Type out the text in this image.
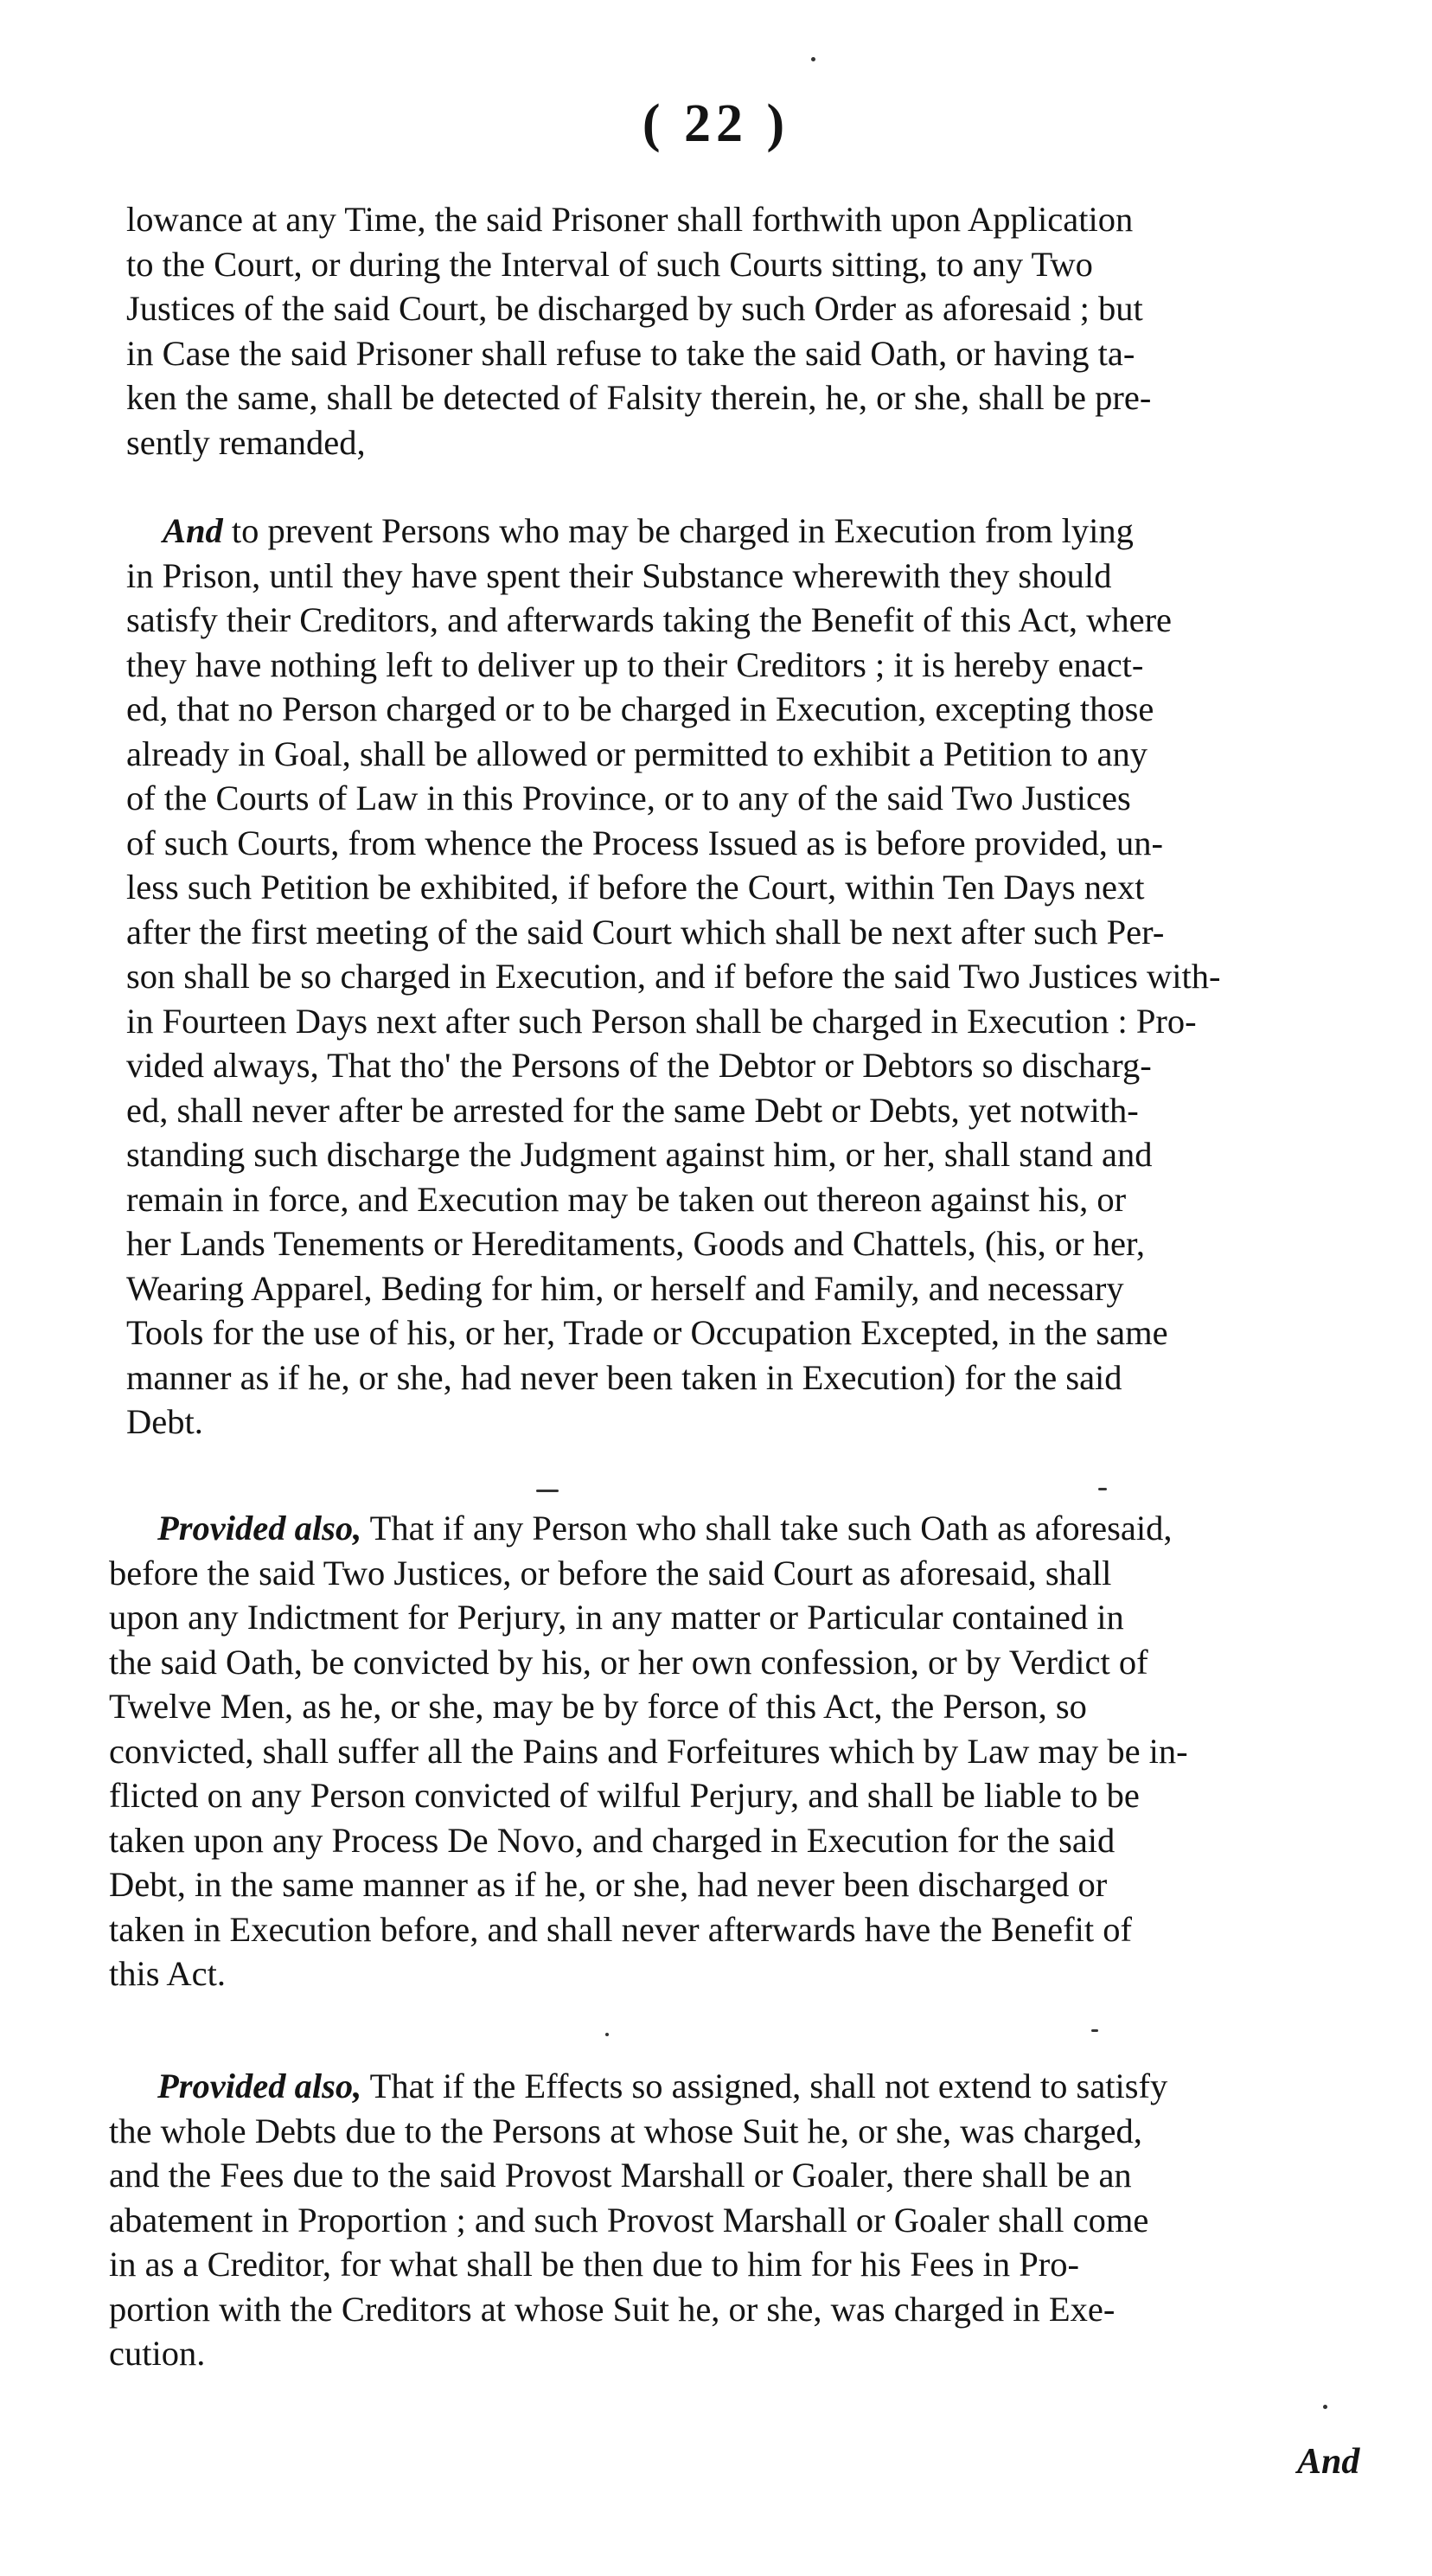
( 22 )

lowance at any Time, the said Prisoner shall forthwith upon Application
to the Court, or during the Interval of such Courts sitting, to any Two
Justices of the said Court, be discharged by such Order as aforesaid ; but
in Case the said Prisoner shall refuse to take the said Oath, or having ta-
ken the same, shall be detected of Falsity therein, he, or she, shall be pre-
sently remanded,

And to prevent Persons who may be charged in Execution from lying
in Prison, until they have spent their Substance wherewith they should
satisfy their Creditors, and afterwards taking the Benefit of this Act, where
they have nothing left to deliver up to their Creditors ; it is hereby enact-
ed, that no Person charged or to be charged in Execution, excepting those
already in Goal, shall be allowed or permitted to exhibit a Petition to any
of the Courts of Law in this Province, or to any of the said Two Justices
of such Courts, from whence the Process Issued as is before provided, un-
less such Petition be exhibited, if before the Court, within Ten Days next
after the first meeting of the said Court which shall be next after such Per-
son shall be so charged in Execution, and if before the said Two Justices with-
in Fourteen Days next after such Person shall be charged in Execution : Pro-
vided always, That tho' the Persons of the Debtor or Debtors so discharg-
ed, shall never after be arrested for the same Debt or Debts, yet notwith-
standing such discharge the Judgment against him, or her, shall stand and
remain in force, and Execution may be taken out thereon against his, or
her Lands Tenements or Hereditaments, Goods and Chattels, (his, or her,
Wearing Apparel, Beding for him, or herself and Family, and necessary
Tools for the use of his, or her, Trade or Occupation Excepted, in the same
manner as if he, or she, had never been taken in Execution) for the said
Debt.

Provided also, That if any Person who shall take such Oath as aforesaid,
before the said Two Justices, or before the said Court as aforesaid, shall
upon any Indictment for Perjury, in any matter or Particular contained in
the said Oath, be convicted by his, or her own confession, or by Verdict of
Twelve Men, as he, or she, may be by force of this Act, the Person, so
convicted, shall suffer all the Pains and Forfeitures which by Law may be in-
flicted on any Person convicted of wilful Perjury, and shall be liable to be
taken upon any Process De Novo, and charged in Execution for the said
Debt, in the same manner as if he, or she, had never been discharged or
taken in Execution before, and shall never afterwards have the Benefit of
this Act.

Provided also, That if the Effects so assigned, shall not extend to satisfy
the whole Debts due to the Persons at whose Suit he, or she, was charged,
and the Fees due to the said Provost Marshall or Goaler, there shall be an
abatement in Proportion ; and such Provost Marshall or Goaler shall come
in as a Creditor, for what shall be then due to him for his Fees in Pro-
portion with the Creditors at whose Suit he, or she, was charged in Exe-
cution.

And
